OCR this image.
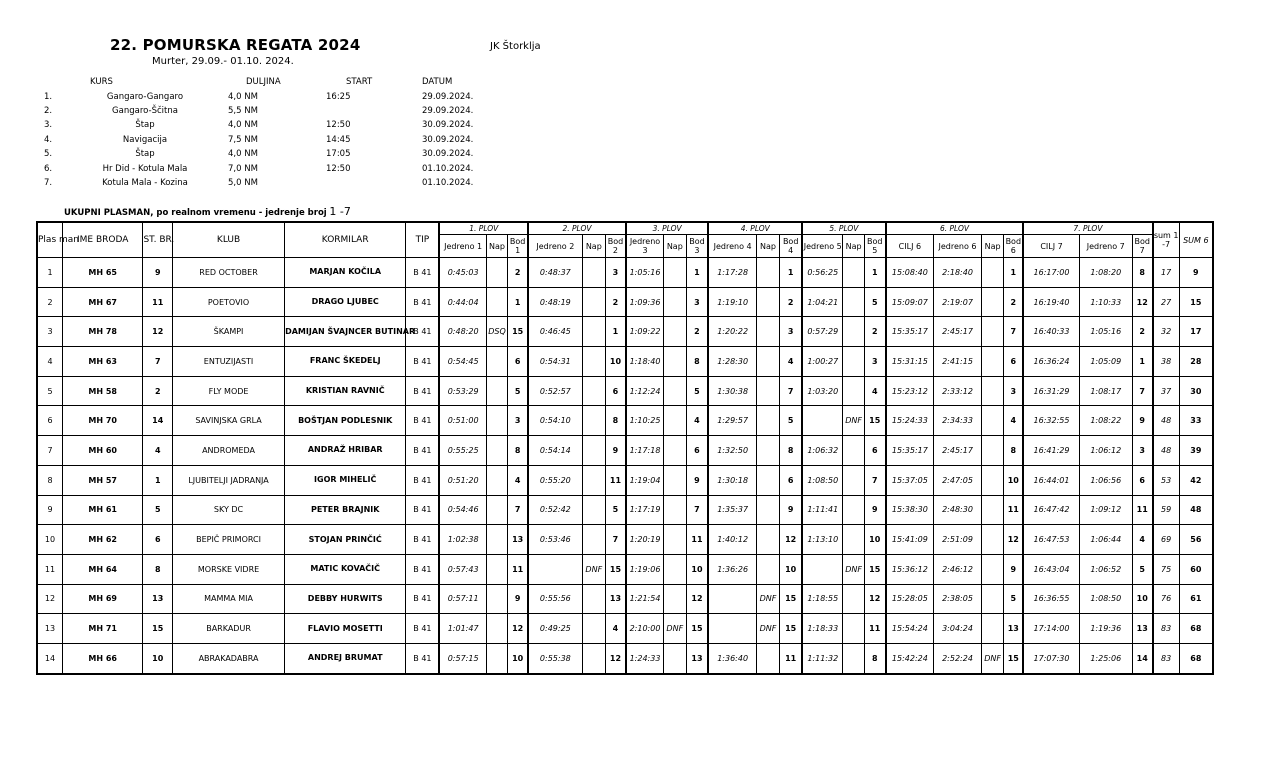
22. POMURSKA REGATA 2024
Murter, 29.09.- 01.10. 2024.
JK Štorklja
	KURS	DULJINA	START	DATUM
1.	Gangaro-Gangaro	4,0 NM	16:25	29.09.2024.
2.	Gangaro-Ščitna	5,5 NM		29.09.2024.
3.	Štap	4,0 NM	12:50	30.09.2024.
4.	Navigacija	7,5 NM	14:45	30.09.2024.
5.	Štap	4,0 NM	17:05	30.09.2024.
6.	Hr Did - Kotula Mala	7,0 NM	12:50	01.10.2024.
7.	Kotula Mala - Kozina	5,0 NM		01.10.2024.
UKUPNI PLASMAN, po realnom vremenu - jedrenje broj 1 -7
Plas man	IME BRODA	ST. BR.	KLUB	KORMILAR	TIP	1. PLOV			2. PLOV			3. PLOV			4. PLOV			5. PLOV			6. PLOV				7. PLOV			sum 1 -7	SUM 6
						Jedreno 1	Nap	Bod 1	Jedreno 2	Nap	Bod 2	Jedreno 3	Nap	Bod 3	Jedreno 4	Nap	Bod 4	Jedreno 5	Nap	Bod 5	CILJ 6	Jedreno 6	Nap	Bod 6	CILJ 7	Jedreno 7	Bod 7		
1	MH 65	9	RED OCTOBER	MARJAN KOČILA	B 41	0:45:03		2	0:48:37		3	1:05:16		1	1:17:28		1	0:56:25		1	15:08:40	2:18:40		1	16:17:00	1:08:20	8	17	9
2	MH 67	11	POETOVIO	DRAGO LJUBEC	B 41	0:44:04		1	0:48:19		2	1:09:36		3	1:19:10		2	1:04:21		5	15:09:07	2:19:07		2	16:19:40	1:10:33	12	27	15
3	MH 78	12	ŠKAMPI	DAMIJAN ŠVAJNCER BUTINAR	B 41	0:48:20	DSQ	15	0:46:45		1	1:09:22		2	1:20:22		3	0:57:29		2	15:35:17	2:45:17		7	16:40:33	1:05:16	2	32	17
4	MH 63	7	ENTUZIJASTI	FRANC ŠKEDELJ	B 41	0:54:45		6	0:54:31		10	1:18:40		8	1:28:30		4	1:00:27		3	15:31:15	2:41:15		6	16:36:24	1:05:09	1	38	28
5	MH 58	2	FLY MODE	KRISTIAN RAVNIČ	B 41	0:53:29		5	0:52:57		6	1:12:24		5	1:30:38		7	1:03:20		4	15:23:12	2:33:12		3	16:31:29	1:08:17	7	37	30
6	MH 70	14	SAVINJSKA GRLA	BOŠTJAN PODLESNIK	B 41	0:51:00		3	0:54:10		8	1:10:25		4	1:29:57		5		DNF	15	15:24:33	2:34:33		4	16:32:55	1:08:22	9	48	33
7	MH 60	4	ANDROMEDA	ANDRAŽ HRIBAR	B 41	0:55:25		8	0:54:14		9	1:17:18		6	1:32:50		8	1:06:32		6	15:35:17	2:45:17		8	16:41:29	1:06:12	3	48	39
8	MH 57	1	LJUBITELJI JADRANJA	IGOR MIHELIČ	B 41	0:51:20		4	0:55:20		11	1:19:04		9	1:30:18		6	1:08:50		7	15:37:05	2:47:05		10	16:44:01	1:06:56	6	53	42
9	MH 61	5	SKY DC	PETER BRAJNIK	B 41	0:54:46		7	0:52:42		5	1:17:19		7	1:35:37		9	1:11:41		9	15:38:30	2:48:30		11	16:47:42	1:09:12	11	59	48
10	MH 62	6	BEPIČ PRIMORCI	STOJAN PRINČIĆ	B 41	1:02:38		13	0:53:46		7	1:20:19		11	1:40:12		12	1:13:10		10	15:41:09	2:51:09		12	16:47:53	1:06:44	4	69	56
11	MH 64	8	MORSKE VIDRE	MATIC KOVAČIČ	B 41	0:57:43		11		DNF	15	1:19:06		10	1:36:26		10		DNF	15	15:36:12	2:46:12		9	16:43:04	1:06:52	5	75	60
12	MH 69	13	MAMMA MIA	DEBBY HURWITS	B 41	0:57:11		9	0:55:56		13	1:21:54		12		DNF	15	1:18:55		12	15:28:05	2:38:05		5	16:36:55	1:08:50	10	76	61
13	MH 71	15	BARKADUR	FLAVIO MOSETTI	B 41	1:01:47		12	0:49:25		4	2:10:00	DNF	15		DNF	15	1:18:33		11	15:54:24	3:04:24		13	17:14:00	1:19:36	13	83	68
14	MH 66	10	ABRAKADABRA	ANDREJ BRUMAT	B 41	0:57:15		10	0:55:38		12	1:24:33		13	1:36:40		11	1:11:32		8	15:42:24	2:52:24	DNF	15	17:07:30	1:25:06	14	83	68
